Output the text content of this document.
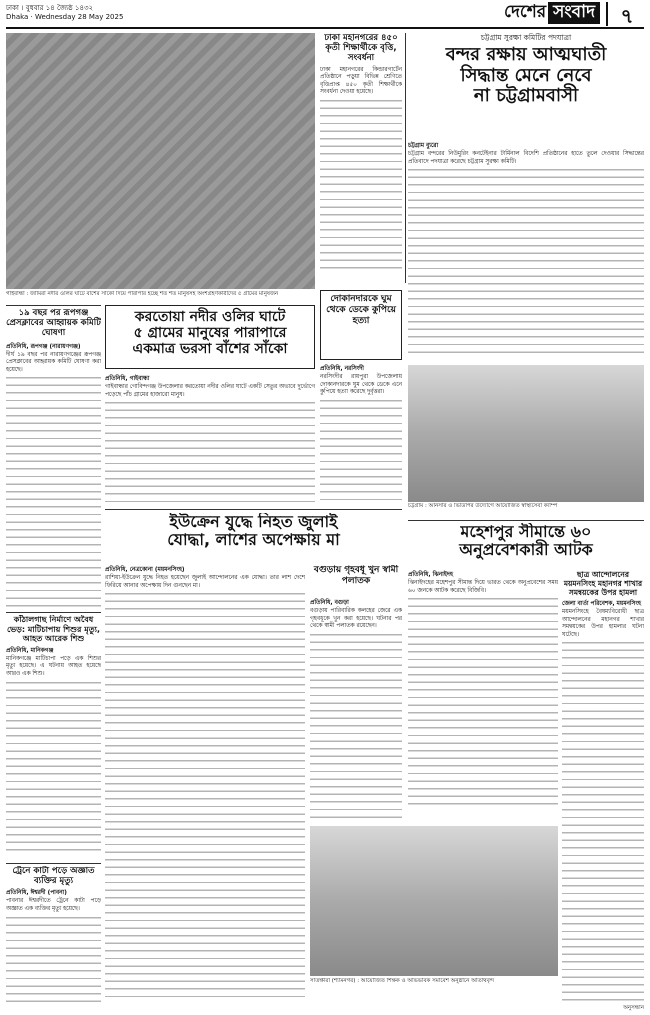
ঢাকা । বুধবার ১৪ জ্যৈষ্ঠ ১৪৩২
Dhaka · Wednesday 28 May 2025	দেশের সংবাদ	৭
গাইবান্ধা : জামিরা নদীর ওলির ঘাটে বাঁশের সাঁকো দিয়ে পারাপার হচ্ছে শত শত মানুষসহ অংশগ্রহণকারীদের ৫ গ্রামের মানুষজন
ঢাকা মহানগরের ৪৫০ কৃতী শিক্ষার্থীকে বৃত্তি, সংবর্ধনা
ঢাকা মহানগরের কিন্ডারগার্টেন প্রতিষ্ঠানে পড়ুয়া বিভিন্ন শ্রেণিতে বৃত্তিপ্রাপ্ত ৪৫০ কৃতী শিক্ষার্থীকে সংবর্ধনা দেওয়া হয়েছে।
চট্টগ্রাম সুরক্ষা কমিটির পদযাত্রা
বন্দর রক্ষায় আত্মঘাতী
সিদ্ধান্ত মেনে নেবে
না চট্টগ্রামবাসী
চট্টগ্রাম ব্যুরো
চট্টগ্রাম বন্দরের নিউমুরিং কনটেইনার টার্মিনাল বিদেশি প্রতিষ্ঠানের হাতে তুলে দেওয়ার সিদ্ধান্তের প্রতিবাদে পদযাত্রা করেছে চট্টগ্রাম সুরক্ষা কমিটি।
১৯ বছর পর রূপগঞ্জ প্রেসক্লাবের আহ্বায়ক কমিটি ঘোষণা
প্রতিনিধি, রূপগঞ্জ (নারায়ণগঞ্জ)
দীর্ঘ ১৯ বছর পর নারায়ণগঞ্জের রূপগঞ্জ প্রেসক্লাবের আহ্বায়ক কমিটি ঘোষণা করা হয়েছে।
করতোয়া নদীর ওলির ঘাটে
৫ গ্রামের মানুষের পারাপারে
একমাত্র ভরসা বাঁশের সাঁকো
দোকানদারকে ঘুম থেকে ডেকে কুপিয়ে হত্যা
প্রতিনিধি, গাইবান্ধা
গাইবান্ধার গোবিন্দগঞ্জ উপজেলার করতোয়া নদীর ওলির ঘাটে একটি সেতুর অভাবে দুর্ভোগে পড়েছে পাঁচ গ্রামের হাজারো মানুষ।
প্রতিনিধি, নরসিংদী
নরসিংদীর রায়পুরা উপজেলায় দোকানদারকে ঘুম থেকে ডেকে এনে কুপিয়ে হত্যা করেছে দুর্বৃত্তরা।
চট্টগ্রাম : আনসার ও ভিডিপির উদ্যোগে আয়োজিত স্বাস্থ্যসেবা ক্যাম্প
ইউক্রেন যুদ্ধে নিহত জুলাই
যোদ্ধা, লাশের অপেক্ষায় মা
প্রতিনিধি, নেত্রকোনা (ময়মনসিংহ)
রাশিয়া-ইউক্রেন যুদ্ধে নিহত হয়েছেন জুলাই আন্দোলনের এক যোদ্ধা। তার লাশ দেশে ফিরিয়ে আনার অপেক্ষায় দিন গুনছেন মা।
কাঁঠালগাছ নির্মাণে অবৈধ ভেড়: মাটিচাপায় শিশুর মৃত্যু, আহত আরেক শিশু
প্রতিনিধি, মানিকগঞ্জ
মানিকগঞ্জে মাটিচাপা পড়ে এক শিশুর মৃত্যু হয়েছে। এ ঘটনায় আহত হয়েছে আরও এক শিশু।
ট্রেনে কাটা পড়ে অজ্ঞাত ব্যক্তির মৃত্যু
প্রতিনিধি, ঈশ্বরদী (পাবনা)
পাবনার ঈশ্বরদীতে ট্রেনে কাটা পড়ে অজ্ঞাত এক ব্যক্তির মৃত্যু হয়েছে।
বগুড়ায় গৃহবধূ খুন স্বামী পলাতক
প্রতিনিধি, বগুড়া
বগুড়ায় পারিবারিক কলহের জেরে এক গৃহবধূকে খুন করা হয়েছে। ঘটনার পর থেকে স্বামী পলাতক রয়েছেন।
মহেশপুর সীমান্তে ৬০
অনুপ্রবেশকারী আটক
প্রতিনিধি, ঝিনাইদহ
ঝিনাইদহের মহেশপুর সীমান্ত দিয়ে ভারত থেকে অনুপ্রবেশের সময় ৬০ জনকে আটক করেছে বিজিবি।
ছাত্র আন্দোলনের ময়মনসিংহ মহানগর শাখার সমন্বয়কের উপর হামলা
জেলা বার্তা পরিবেশক, ময়মনসিংহ
ময়মনসিংহে বৈষম্যবিরোধী ছাত্র আন্দোলনের মহানগর শাখার সমন্বয়কের উপর হামলার ঘটনা ঘটেছে।
সাতক্ষীরা (শ্যামনগর) : আয়োজিত শিক্ষক ও অভিভাবক সমাবেশ অনুষ্ঠানে অতিথিবৃন্দ
অনুসন্ধান
